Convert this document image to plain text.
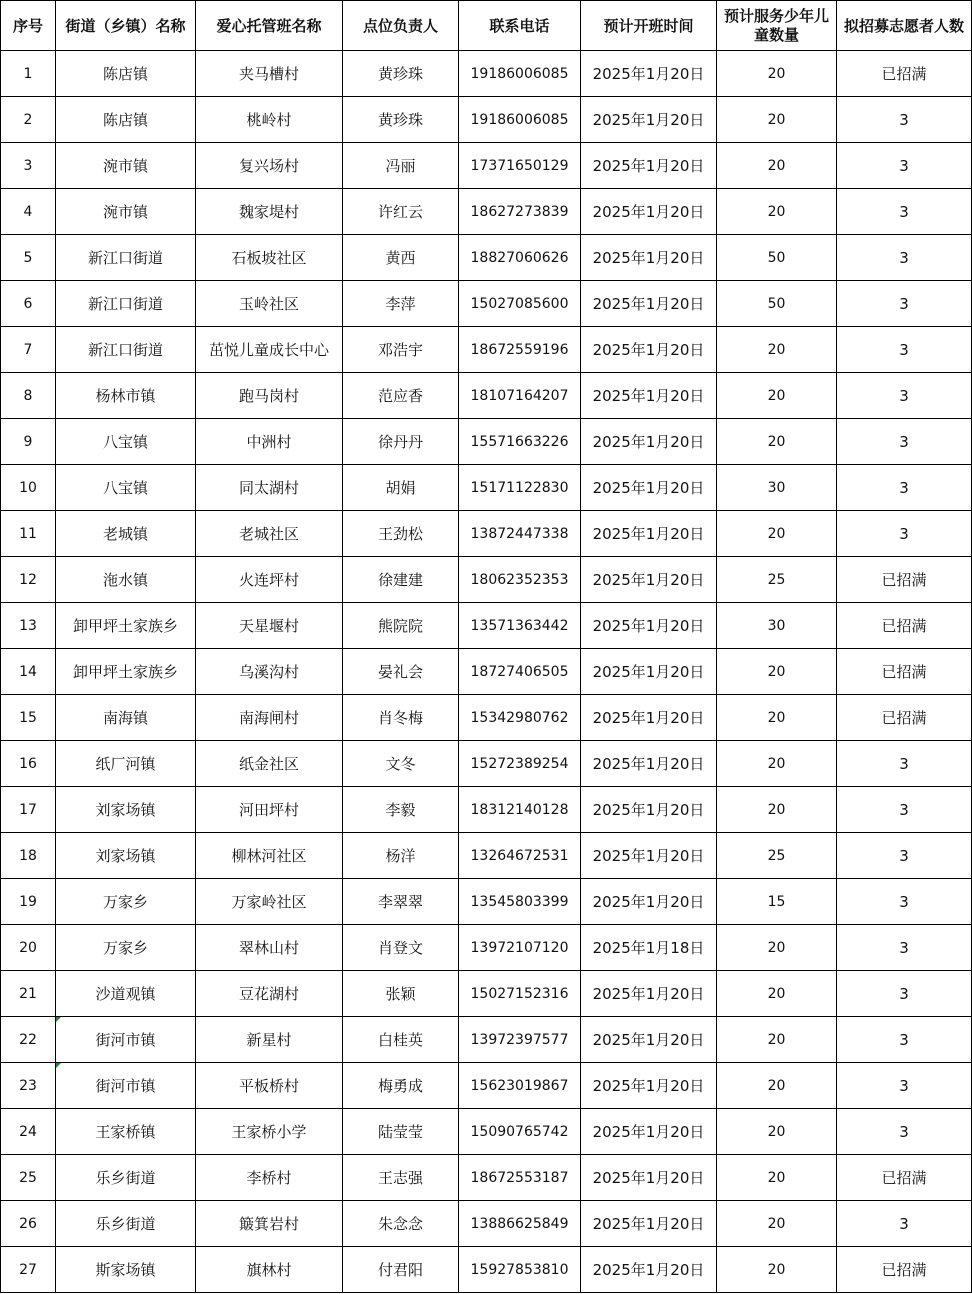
序号	街道（乡镇）名称	爱心托管班名称	点位负责人	联系电话	预计开班时间	预计服务少年儿童数量	拟招募志愿者人数
1	陈店镇	夹马槽村	黄珍珠	19186006085	2025年1月20日	20	已招满
2	陈店镇	桃岭村	黄珍珠	19186006085	2025年1月20日	20	3
3	涴市镇	复兴场村	冯丽	17371650129	2025年1月20日	20	3
4	涴市镇	魏家堤村	许红云	18627273839	2025年1月20日	20	3
5	新江口街道	石板坡社区	黄西	18827060626	2025年1月20日	50	3
6	新江口街道	玉岭社区	李萍	15027085600	2025年1月20日	50	3
7	新江口街道	茁悦儿童成长中心	邓浩宇	18672559196	2025年1月20日	20	3
8	杨林市镇	跑马岗村	范应香	18107164207	2025年1月20日	20	3
9	八宝镇	中洲村	徐丹丹	15571663226	2025年1月20日	20	3
10	八宝镇	同太湖村	胡娟	15171122830	2025年1月20日	30	3
11	老城镇	老城社区	王劲松	13872447338	2025年1月20日	20	3
12	沲水镇	火连坪村	徐建建	18062352353	2025年1月20日	25	已招满
13	卸甲坪土家族乡	天星堰村	熊院院	13571363442	2025年1月20日	30	已招满
14	卸甲坪土家族乡	乌溪沟村	晏礼会	18727406505	2025年1月20日	20	已招满
15	南海镇	南海闸村	肖冬梅	15342980762	2025年1月20日	20	已招满
16	纸厂河镇	纸金社区	文冬	15272389254	2025年1月20日	20	3
17	刘家场镇	河田坪村	李毅	18312140128	2025年1月20日	20	3
18	刘家场镇	柳林河社区	杨洋	13264672531	2025年1月20日	25	3
19	万家乡	万家岭社区	李翠翠	13545803399	2025年1月20日	15	3
20	万家乡	翠林山村	肖登文	13972107120	2025年1月18日	20	3
21	沙道观镇	豆花湖村	张颖	15027152316	2025年1月20日	20	3
22	街河市镇	新星村	白桂英	13972397577	2025年1月20日	20	3
23	街河市镇	平板桥村	梅勇成	15623019867	2025年1月20日	20	3
24	王家桥镇	王家桥小学	陆莹莹	15090765742	2025年1月20日	20	3
25	乐乡街道	李桥村	王志强	18672553187	2025年1月20日	20	已招满
26	乐乡街道	簸箕岩村	朱念念	13886625849	2025年1月20日	20	3
27	斯家场镇	旗林村	付君阳	15927853810	2025年1月20日	20	已招满
